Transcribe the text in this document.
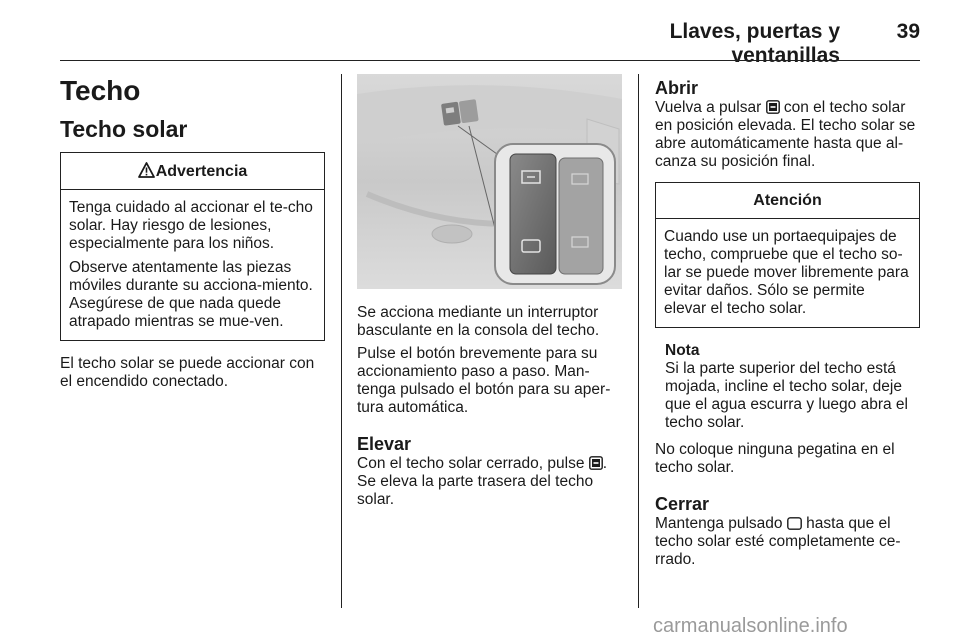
Llaves, puertas y ventanillas
39
Techo
Techo solar
Advertencia

Tenga cuidado al accionar el te-cho solar. Hay riesgo de lesiones, especialmente para los niños.

Observe atentamente las piezas móviles durante su acciona-miento. Asegúrese de que nada quede atrapado mientras se mue-ven.

El techo solar se puede accionar con el encendido conectado.

Se acciona mediante un interruptor basculante en la consola del techo.

Pulse el botón brevemente para su accionamiento paso a paso. Man-tenga pulsado el botón para su aper-tura automática.

Elevar

Con el techo solar cerrado, pulse . Se eleva la parte trasera del techo solar.

Abrir

Vuelva a pulsar  con el techo solar en posición elevada. El techo solar se abre automáticamente hasta que al-canza su posición final.

Atención

Cuando use un portaequipajes de techo, compruebe que el techo so-lar se puede mover libremente para evitar daños. Sólo se permite elevar el techo solar.

Nota

Si la parte superior del techo está mojada, incline el techo solar, deje que el agua escurra y luego abra el techo solar.

No coloque ninguna pegatina en el techo solar.

Cerrar

Mantenga pulsado  hasta que el techo solar esté completamente ce-rrado.

carmanualsonline.info
